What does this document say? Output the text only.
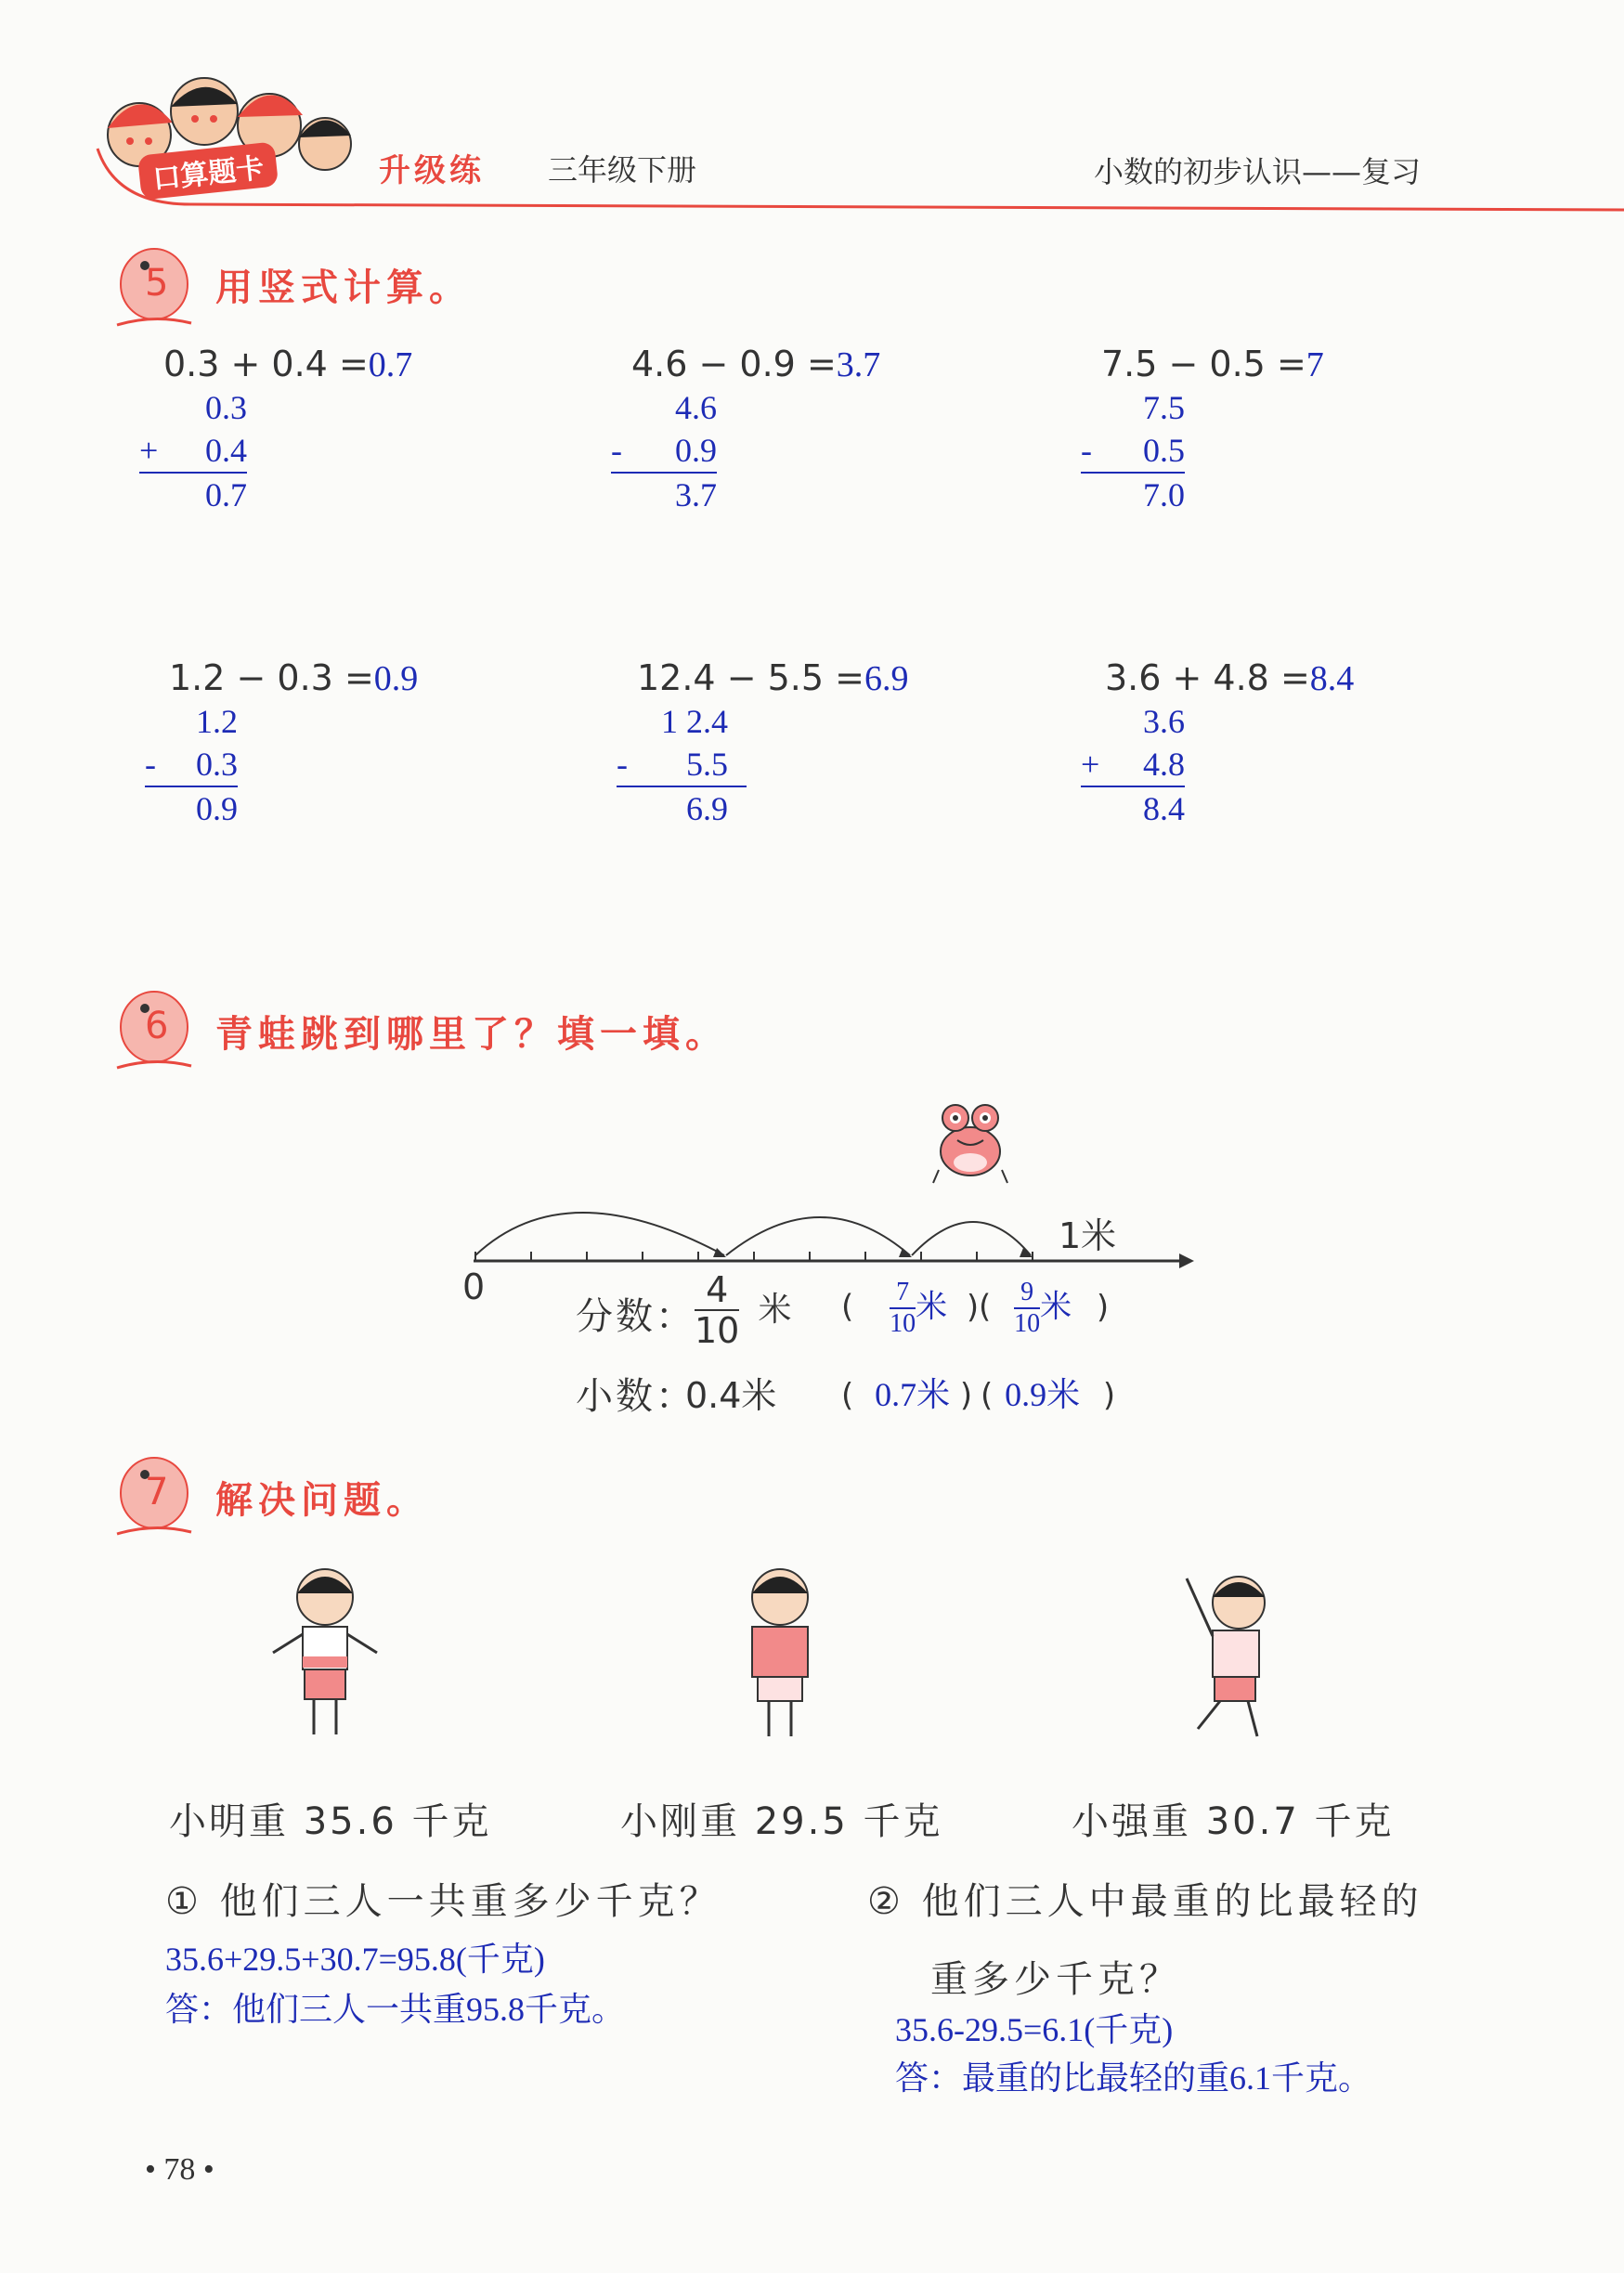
口算题卡	升级练 三年级下册	小数的初步认识——复习
5 用竖式计算。
0.3 + 0.4 =0.7
0.3
+ 0.4
0.7
4.6 − 0.9 =3.7
4.6
- 0.9
3.7
7.5 − 0.5 =7
7.5
- 0.5
7.0
1.2 − 0.3 =0.9
1.2
- 0.3
0.9
12.4 − 5.5 =6.9
1 2.4
- 5.5
6.9
3.6 + 4.8 =8.4
3.6
+ 4.8
8.4
6 青蛙跳到哪里了？填一填。
0
1米
分数： $\frac{4}{10}$ 米 ( $\frac{7}{10}$ 米 ) ( $\frac{9}{10}$ 米 )
小数：
0.4米 ( 0.7米 ) ( 0.9米 )
7 解决问题。
小明重 35.6 千克	小刚重 29.5 千克	小强重 30.7 千克
① 他们三人一共重多少千克？
35.6+29.5+30.7=95.8(千克)
答：他们三人一共重95.8千克。
② 他们三人中最重的比最轻的
重多少千克？
35.6-29.5=6.1(千克)
答：最重的比最轻的重6.1千克。
• 78 •
